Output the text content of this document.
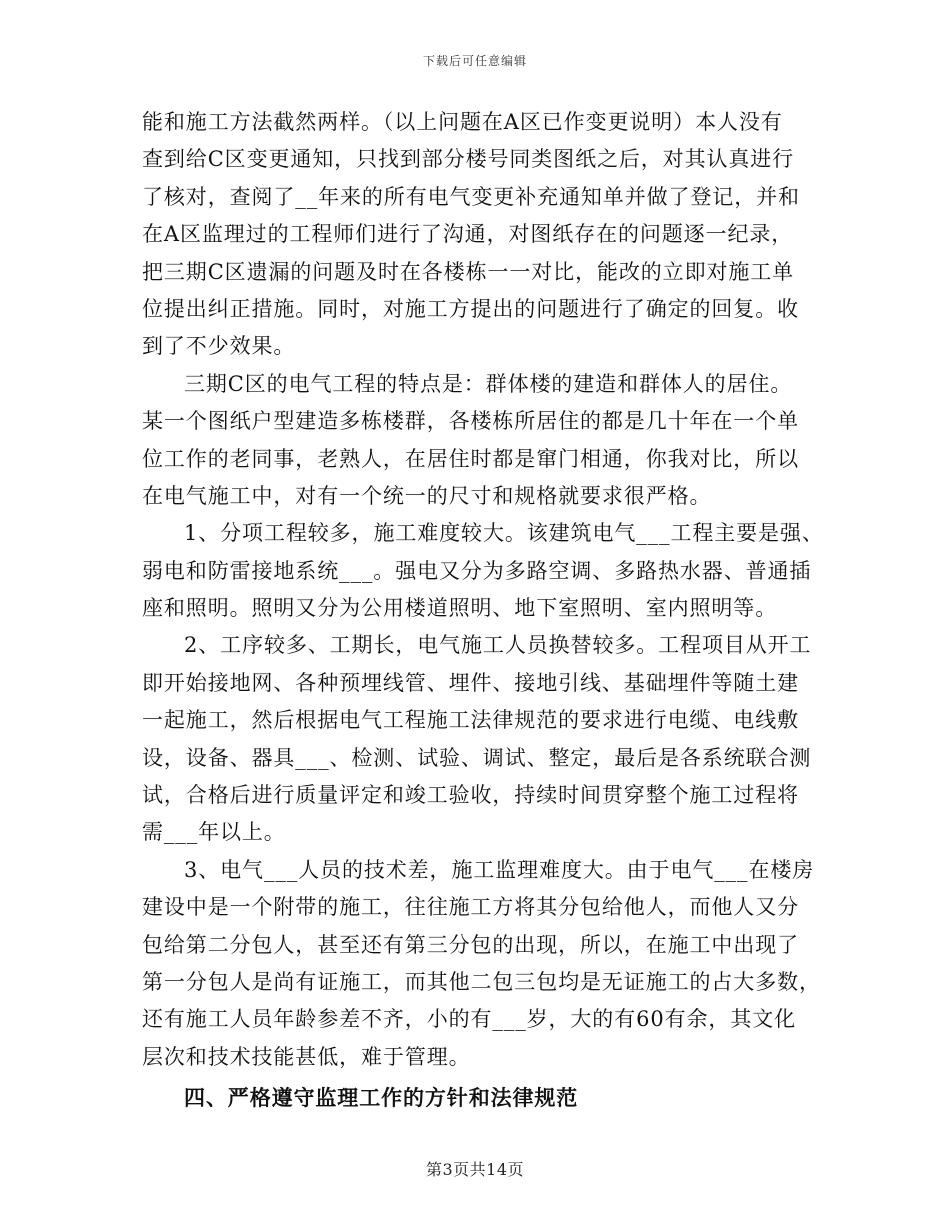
下载后可任意编辑
能和施工方法截然两样。（以上问题在A区已作变更说明）本人没有
查到给C区变更通知，只找到部分楼号同类图纸之后，对其认真进行
了核对，查阅了__年来的所有电气变更补充通知单并做了登记，并和
在A区监理过的工程师们进行了沟通，对图纸存在的问题逐一纪录，
把三期C区遗漏的问题及时在各楼栋一一对比，能改的立即对施工单
位提出纠正措施。同时，对施工方提出的问题进行了确定的回复。收
到了不少效果。
三期C区的电气工程的特点是：群体楼的建造和群体人的居住。
某一个图纸户型建造多栋楼群，各楼栋所居住的都是几十年在一个单
位工作的老同事，老熟人，在居住时都是窜门相通，你我对比，所以
在电气施工中，对有一个统一的尺寸和规格就要求很严格。
1、分项工程较多，施工难度较大。该建筑电气___工程主要是强、
弱电和防雷接地系统___。强电又分为多路空调、多路热水器、普通插
座和照明。照明又分为公用楼道照明、地下室照明、室内照明等。
2、工序较多、工期长，电气施工人员换替较多。工程项目从开工
即开始接地网、各种预埋线管、埋件、接地引线、基础埋件等随土建
一起施工，然后根据电气工程施工法律规范的要求进行电缆、电线敷
设，设备、器具___、检测、试验、调试、整定，最后是各系统联合测
试，合格后进行质量评定和竣工验收，持续时间贯穿整个施工过程将
需___年以上。
3、电气___人员的技术差，施工监理难度大。由于电气___在楼房
建设中是一个附带的施工，往往施工方将其分包给他人，而他人又分
包给第二分包人，甚至还有第三分包的出现，所以，在施工中出现了
第一分包人是尚有证施工，而其他二包三包均是无证施工的占大多数，
还有施工人员年龄参差不齐，小的有___岁，大的有60有余，其文化
层次和技术技能甚低，难于管理。
四、严格遵守监理工作的方针和法律规范
第3页共14页
